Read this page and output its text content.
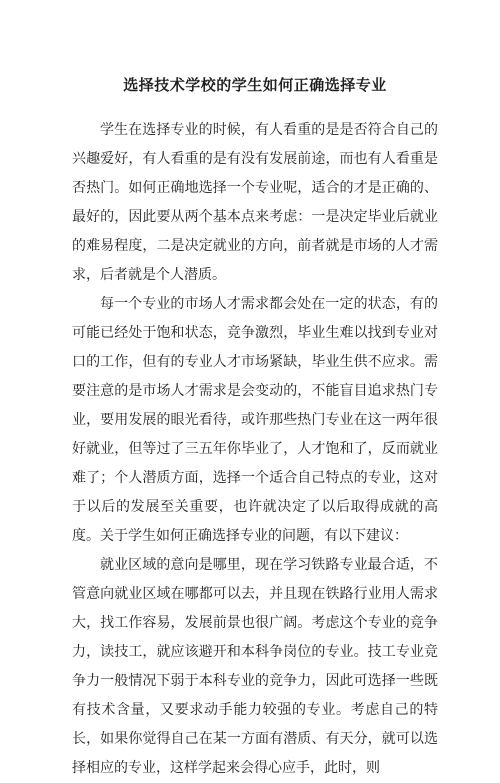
选择技术学校的学生如何正确选择专业

学生在选择专业的时候，有人看重的是是否符合自己的兴趣爱好，有人看重的是有没有发展前途，而也有人看重是否热门。如何正确地选择一个专业呢，适合的才是正确的、最好的，因此要从两个基本点来考虑：一是决定毕业后就业的难易程度，二是决定就业的方向，前者就是市场的人才需求，后者就是个人潜质。

每一个专业的市场人才需求都会处在一定的状态，有的可能已经处于饱和状态，竞争激烈，毕业生难以找到专业对口的工作，但有的专业人才市场紧缺，毕业生供不应求。需要注意的是市场人才需求是会变动的，不能盲目追求热门专业，要用发展的眼光看待，或许那些热门专业在这一两年很好就业，但等过了三五年你毕业了，人才饱和了，反而就业难了；个人潜质方面，选择一个适合自己特点的专业，这对于以后的发展至关重要，也许就决定了以后取得成就的高度。关于学生如何正确选择专业的问题，有以下建议：

就业区域的意向是哪里，现在学习铁路专业最合适，不管意向就业区域在哪都可以去，并且现在铁路行业用人需求大，找工作容易，发展前景也很广阔。考虑这个专业的竞争力，读技工，就应该避开和本科争岗位的专业。技工专业竞争力一般情况下弱于本科专业的竞争力，因此可选择一些既有技术含量，又要求动手能力较强的专业。考虑自己的特长，如果你觉得自己在某一方面有潜质、有天分，就可以选择相应的专业，这样学起来会得心应手，此时，则
